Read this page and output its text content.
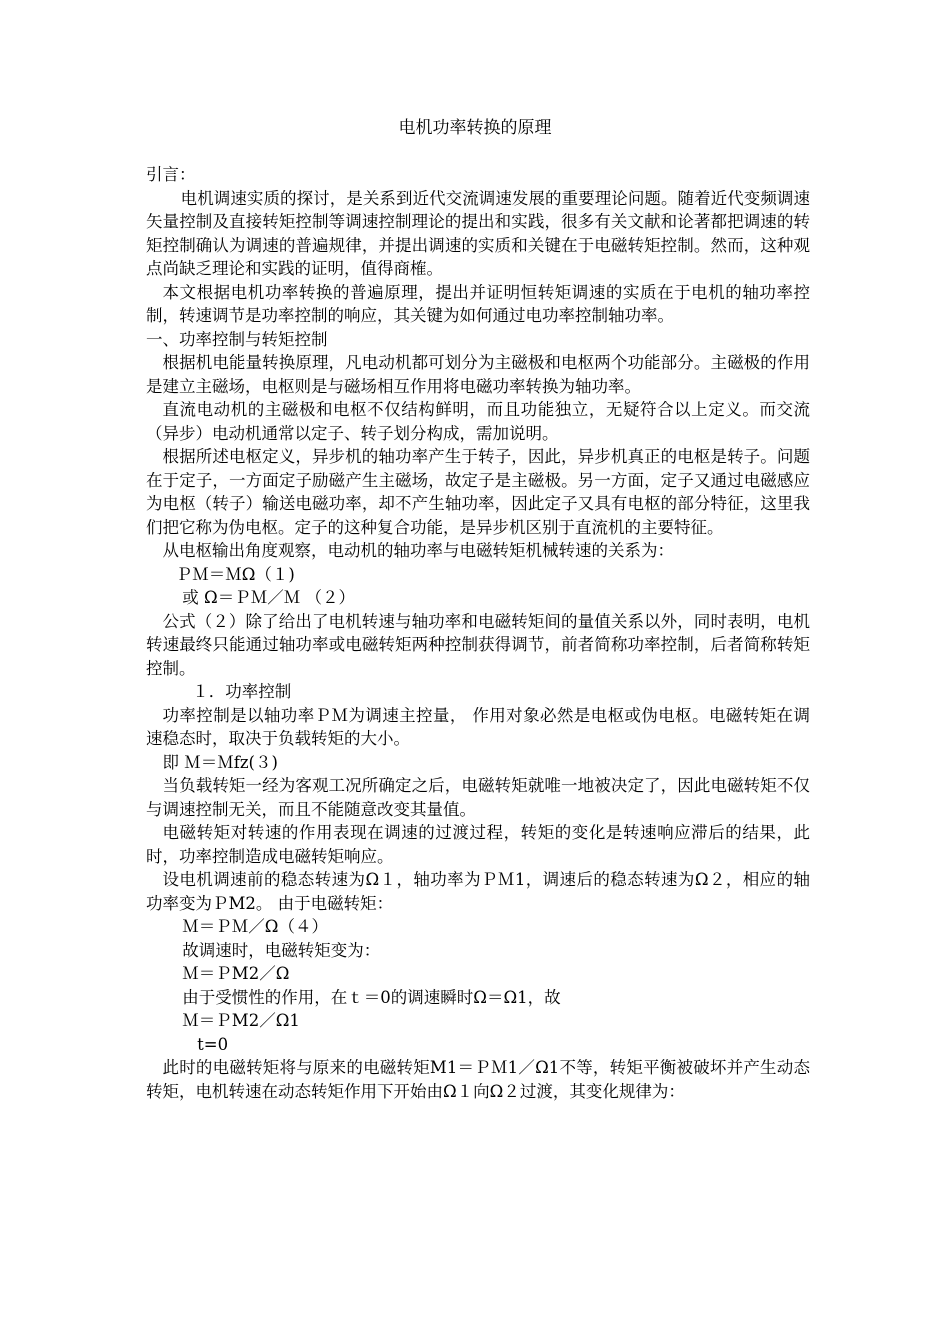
电机功率转换的原理

引言：

电机调速实质的探讨，是关系到近代交流调速发展的重要理论问题。随着近代变频调速矢量控制及直接转矩控制等调速控制理论的提出和实践，很多有关文献和论著都把调速的转矩控制确认为调速的普遍规律，并提出调速的实质和关键在于电磁转矩控制。然而，这种观点尚缺乏理论和实践的证明，值得商榷。

本文根据电机功率转换的普遍原理，提出并证明恒转矩调速的实质在于电机的轴功率控制，转速调节是功率控制的响应，其关键为如何通过电功率控制轴功率。

一、功率控制与转矩控制

根据机电能量转换原理，凡电动机都可划分为主磁极和电枢两个功能部分。主磁极的作用是建立主磁场，电枢则是与磁场相互作用将电磁功率转换为轴功率。

直流电动机的主磁极和电枢不仅结构鲜明，而且功能独立，无疑符合以上定义。而交流（异步）电动机通常以定子、转子划分构成，需加说明。

根据所述电枢定义，异步机的轴功率产生于转子，因此，异步机真正的电枢是转子。问题在于定子，一方面定子励磁产生主磁场，故定子是主磁极。另一方面，定子又通过电磁感应为电枢（转子）输送电磁功率，却不产生轴功率，因此定子又具有电枢的部分特征，这里我们把它称为伪电枢。定子的这种复合功能，是异步机区别于直流机的主要特征。

从电枢输出角度观察，电动机的轴功率与电磁转矩机械转速的关系为：

ＰＭ＝ＭΩ（１)

或 Ω＝ＰＭ／Ｍ （２）

公式（２）除了给出了电机转速与轴功率和电磁转矩间的量值关系以外，同时表明，电机转速最终只能通过轴功率或电磁转矩两种控制获得调节，前者简称功率控制，后者简称转矩控制。

１．功率控制

功率控制是以轴功率ＰＭ为调速主控量， 作用对象必然是电枢或伪电枢。电磁转矩在调速稳态时，取决于负载转矩的大小。

即 Ｍ＝Ｍfz(３)

当负载转矩一经为客观工况所确定之后，电磁转矩就唯一地被决定了，因此电磁转矩不仅与调速控制无关，而且不能随意改变其量值。

电磁转矩对转速的作用表现在调速的过渡过程，转矩的变化是转速响应滞后的结果，此时，功率控制造成电磁转矩响应。

设电机调速前的稳态转速为Ω１，轴功率为ＰＭ1，调速后的稳态转速为Ω２，相应的轴功率变为ＰM2。 由于电磁转矩：

Ｍ＝ＰＭ／Ω（４）

故调速时，电磁转矩变为：

Ｍ＝ＰM2／Ω

由于受惯性的作用，在ｔ＝0的调速瞬时Ω＝Ω1，故

Ｍ＝ＰM2／Ω1

t=0

此时的电磁转矩将与原来的电磁转矩M1＝ＰＭ1／Ω1不等，转矩平衡被破坏并产生动态转矩，电机转速在动态转矩作用下开始由Ω１向Ω２过渡，其变化规律为：
